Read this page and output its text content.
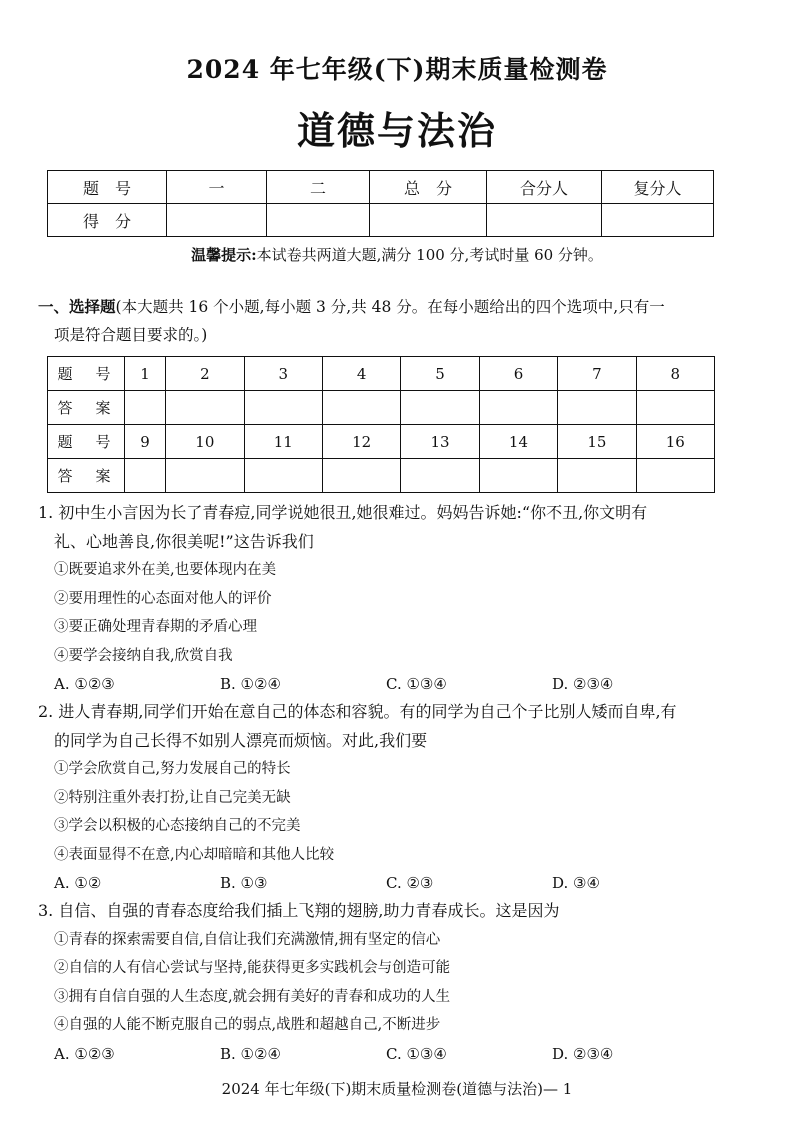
2024 年七年级(下)期末质量检测卷
道德与法治
题　号	一	二	总　分	合分人	复分人
得　分					
温馨提示:本试卷共两道大题,满分 100 分,考试时量 60 分钟。
一、选择题(本大题共 16 个小题,每小题 3 分,共 48 分。在每小题给出的四个选项中,只有一
项是符合题目要求的。)
题　号	1	2	3	4	5	6	7	8
答　案								
题　号	9	10	11	12	13	14	15	16
答　案								

1. 初中生小言因为长了青春痘,同学说她很丑,她很难过。妈妈告诉她:“你不丑,你文明有

礼、心地善良,你很美呢!”这告诉我们

①既要追求外在美,也要体现内在美

②要用理性的心态面对他人的评价

③要正确处理青春期的矛盾心理

④要学会接纳自我,欣赏自我

A. ①②③	B. ①②④	C. ①③④	D. ②③④

2. 进人青春期,同学们开始在意自己的体态和容貌。有的同学为自己个子比别人矮而自卑,有

的同学为自己长得不如别人漂亮而烦恼。对此,我们要

①学会欣赏自己,努力发展自己的特长

②特别注重外表打扮,让自己完美无缺

③学会以积极的心态接纳自己的不完美

④表面显得不在意,内心却暗暗和其他人比较

A. ①②	B. ①③	C. ②③	D. ③④

3. 自信、自强的青春态度给我们插上飞翔的翅膀,助力青春成长。这是因为

①青春的探索需要自信,自信让我们充满激情,拥有坚定的信心

②自信的人有信心尝试与坚持,能获得更多实践机会与创造可能

③拥有自信自强的人生态度,就会拥有美好的青春和成功的人生

④自强的人能不断克服自己的弱点,战胜和超越自己,不断进步

A. ①②③	B. ①②④	C. ①③④	D. ②③④
2024 年七年级(下)期末质量检测卷(道德与法治)— 1
